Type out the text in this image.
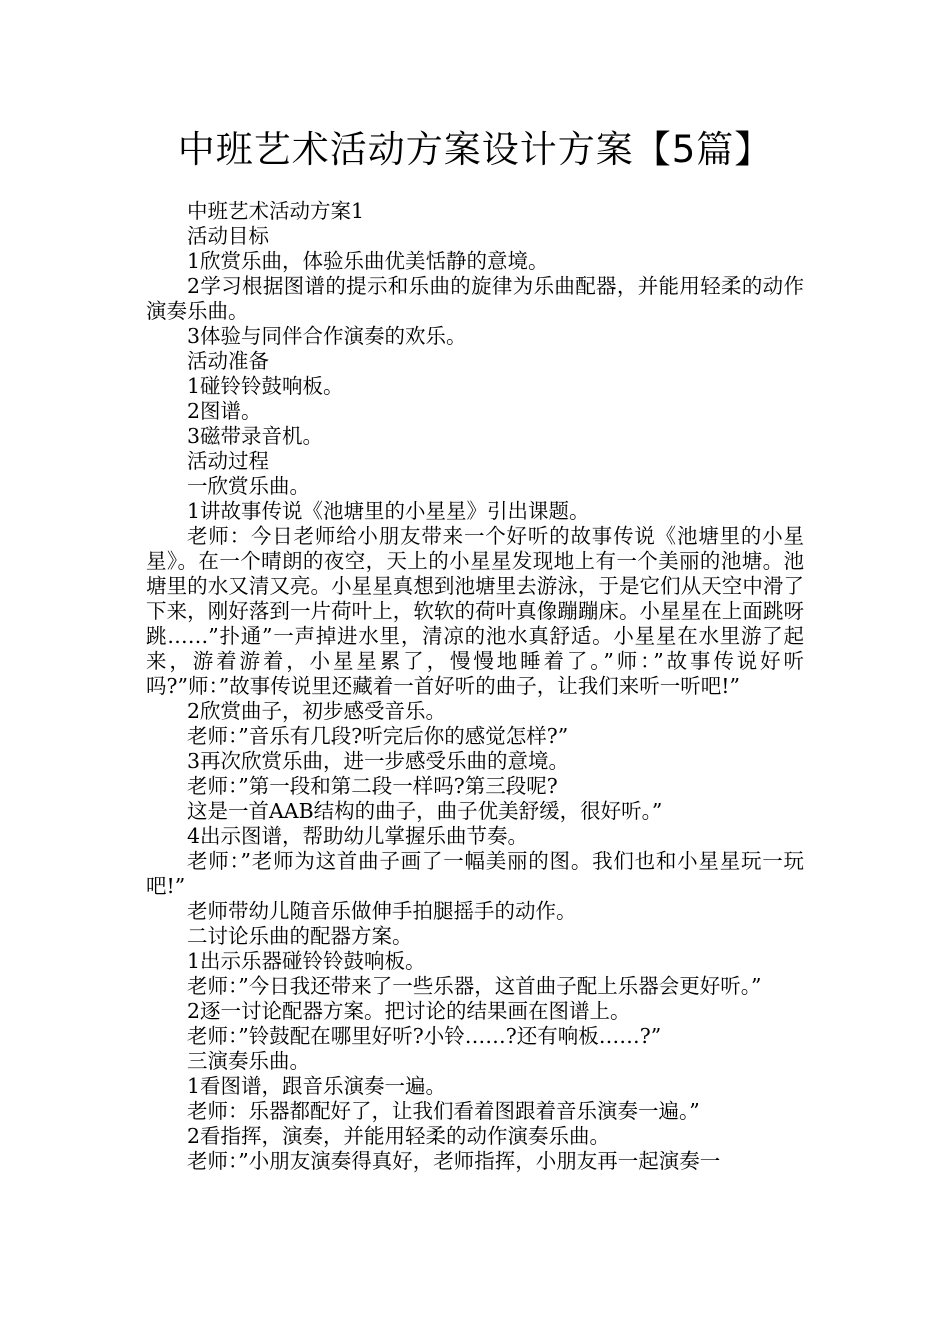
中班艺术活动方案设计方案【5篇】

中班艺术活动方案1

活动目标

1欣赏乐曲，体验乐曲优美恬静的意境。

2学习根据图谱的提示和乐曲的旋律为乐曲配器，并能用轻柔的动作演奏乐曲。

3体验与同伴合作演奏的欢乐。

活动准备

1碰铃铃鼓响板。

2图谱。

3磁带录音机。

活动过程

一欣赏乐曲。

1讲故事传说《池塘里的小星星》引出课题。

老师：今日老师给小朋友带来一个好听的故事传说《池塘里的小星星》。在一个晴朗的夜空，天上的小星星发现地上有一个美丽的池塘。池塘里的水又清又亮。小星星真想到池塘里去游泳，于是它们从天空中滑了下来，刚好落到一片荷叶上，软软的荷叶真像蹦蹦床。小星星在上面跳呀跳……”扑通”一声掉进水里，清凉的池水真舒适。小星星在水里游了起来，游着游着，小星星累了，慢慢地睡着了。”师：”故事传说好听吗?”师：”故事传说里还藏着一首好听的曲子，让我们来听一听吧!”

2欣赏曲子，初步感受音乐。

老师：”音乐有几段?听完后你的感觉怎样?”

3再次欣赏乐曲，进一步感受乐曲的意境。

老师：”第一段和第二段一样吗?第三段呢?

这是一首AAB结构的曲子，曲子优美舒缓，很好听。”

4出示图谱，帮助幼儿掌握乐曲节奏。

老师：”老师为这首曲子画了一幅美丽的图。我们也和小星星玩一玩吧!”

老师带幼儿随音乐做伸手拍腿摇手的动作。

二讨论乐曲的配器方案。

1出示乐器碰铃铃鼓响板。

老师：”今日我还带来了一些乐器，这首曲子配上乐器会更好听。”

2逐一讨论配器方案。把讨论的结果画在图谱上。

老师：”铃鼓配在哪里好听?小铃……?还有响板……?”

三演奏乐曲。

1看图谱，跟音乐演奏一遍。

老师：乐器都配好了，让我们看着图跟着音乐演奏一遍。”

2看指挥，演奏，并能用轻柔的动作演奏乐曲。

老师：”小朋友演奏得真好，老师指挥，小朋友再一起演奏一
